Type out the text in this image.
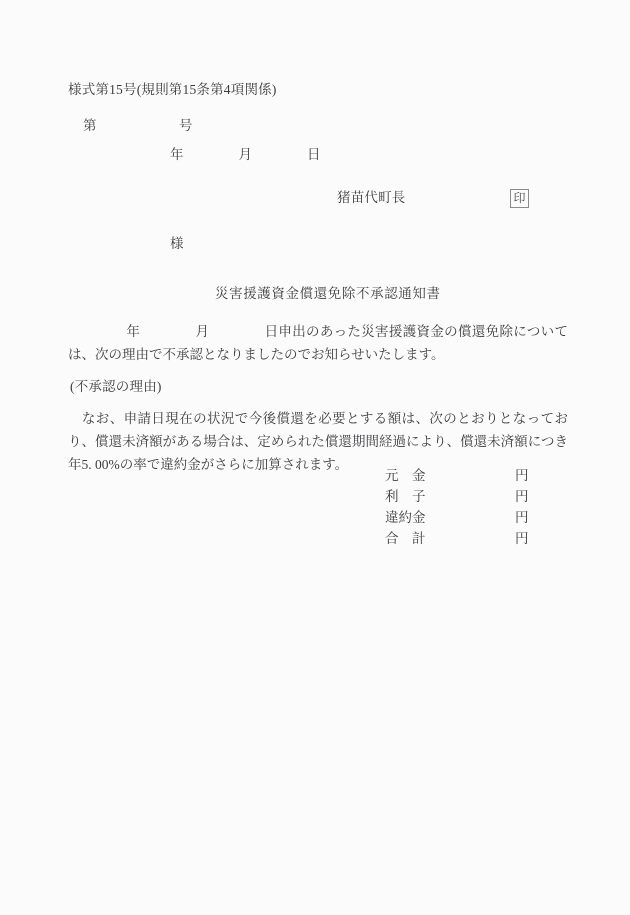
様式第15号(規則第15条第4項関係)
第　　　　　　号
年　　　　月　　　　日
猪苗代町長	印
様
災害援護資金償還免除不承認通知書
年　　　　月　　　　日申出のあった災害援護資金の償還免除については、次の理由で不承認となりましたのでお知らせいたします。
(不承認の理由)
　なお、申請日現在の状況で今後償還を必要とする額は、次のとおりとなっており、償還未済額がある場合は、定められた償還期間経過により、償還未済額につき年5. 00%の率で違約金がさらに加算されます。
元　金	円
利　子	円
違約金	円
合　計	円
